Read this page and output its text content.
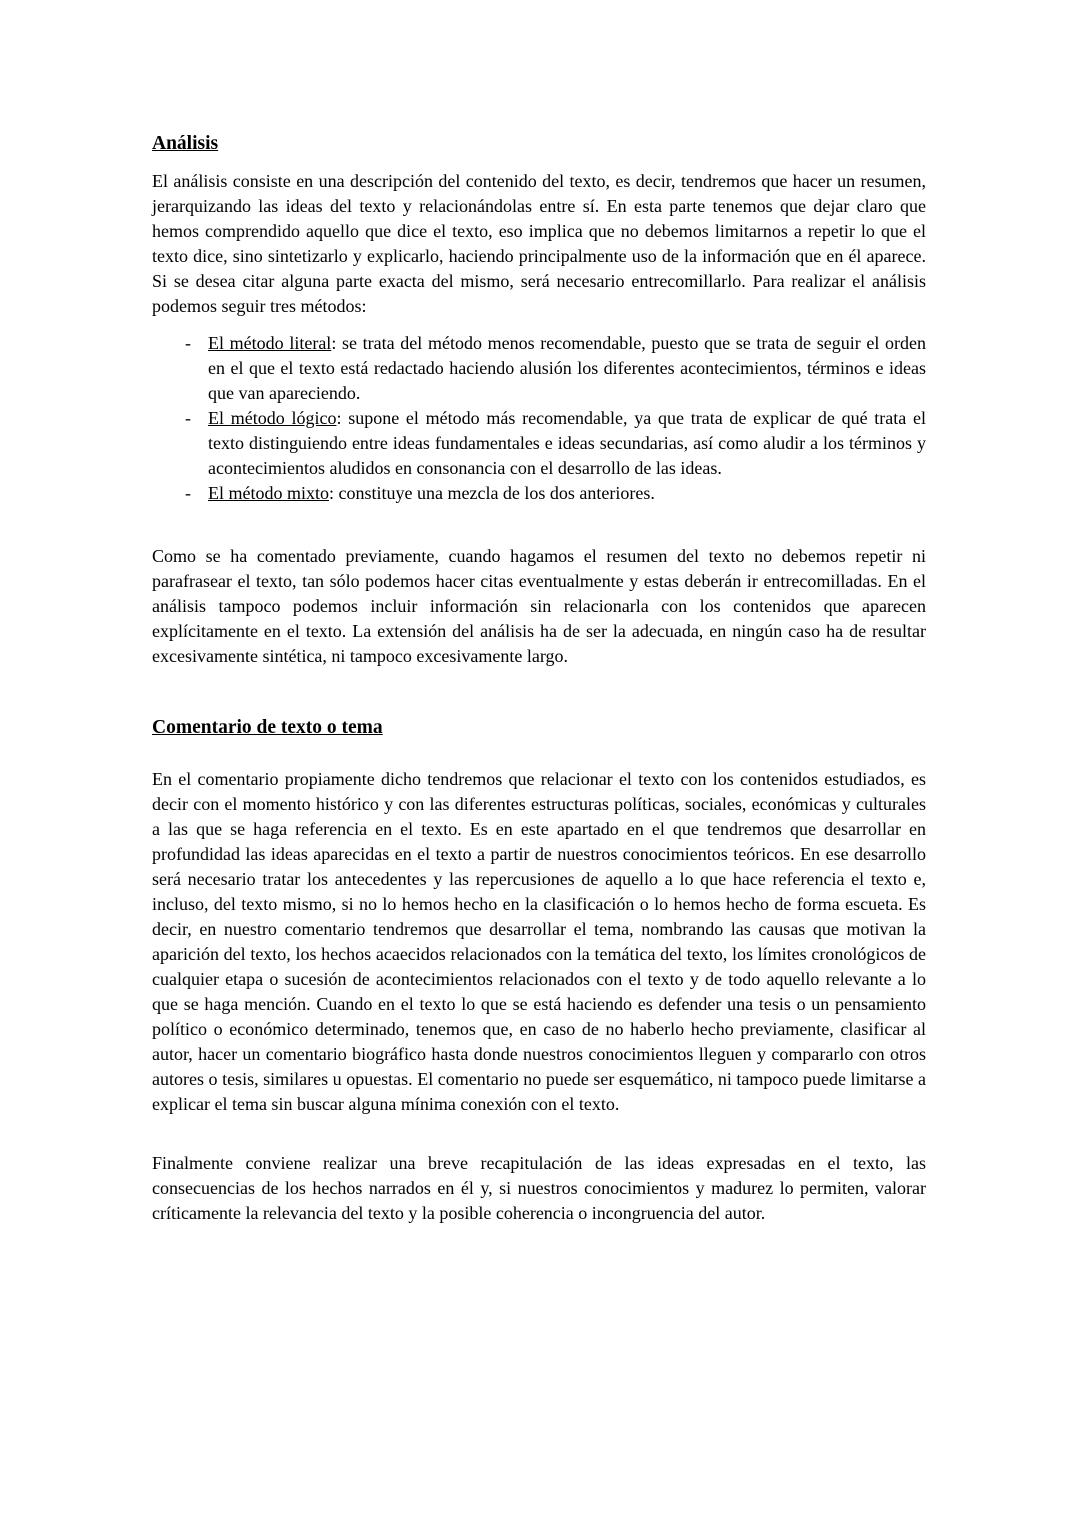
Análisis

El análisis consiste en una descripción del contenido del texto, es decir, tendremos que hacer un resumen, jerarquizando las ideas del texto y relacionándolas entre sí. En esta parte tenemos que dejar claro que hemos comprendido aquello que dice el texto, eso implica que no debemos limitarnos a repetir lo que el texto dice, sino sintetizarlo y explicarlo, haciendo principalmente uso de la información que en él aparece. Si se desea citar alguna parte exacta del mismo, será necesario entrecomillarlo. Para realizar el análisis podemos seguir tres métodos:

- El método literal: se trata del método menos recomendable, puesto que se trata de seguir el orden en el que el texto está redactado haciendo alusión los diferentes acontecimientos, términos e ideas que van apareciendo.
- El método lógico: supone el método más recomendable, ya que trata de explicar de qué trata el texto distinguiendo entre ideas fundamentales e ideas secundarias, así como aludir a los términos y acontecimientos aludidos en consonancia con el desarrollo de las ideas.
- El método mixto: constituye una mezcla de los dos anteriores.

Como se ha comentado previamente, cuando hagamos el resumen del texto no debemos repetir ni parafrasear el texto, tan sólo podemos hacer citas eventualmente y estas deberán ir entrecomilladas. En el análisis tampoco podemos incluir información sin relacionarla con los contenidos que aparecen explícitamente en el texto. La extensión del análisis ha de ser la adecuada, en ningún caso ha de resultar excesivamente sintética, ni tampoco excesivamente largo.

Comentario de texto o tema

En el comentario propiamente dicho tendremos que relacionar el texto con los contenidos estudiados, es decir con el momento histórico y con las diferentes estructuras políticas, sociales, económicas y culturales a las que se haga referencia en el texto. Es en este apartado en el que tendremos que desarrollar en profundidad las ideas aparecidas en el texto a partir de nuestros conocimientos teóricos. En ese desarrollo será necesario tratar los antecedentes y las repercusiones de aquello a lo que hace referencia el texto e, incluso, del texto mismo, si no lo hemos hecho en la clasificación o lo hemos hecho de forma escueta. Es decir, en nuestro comentario tendremos que desarrollar el tema, nombrando las causas que motivan la aparición del texto, los hechos acaecidos relacionados con la temática del texto, los límites cronológicos de cualquier etapa o sucesión de acontecimientos relacionados con el texto y de todo aquello relevante a lo que se haga mención. Cuando en el texto lo que se está haciendo es defender una tesis o un pensamiento político o económico determinado, tenemos que, en caso de no haberlo hecho previamente, clasificar al autor, hacer un comentario biográfico hasta donde nuestros conocimientos lleguen y compararlo con otros autores o tesis, similares u opuestas. El comentario no puede ser esquemático, ni tampoco puede limitarse a explicar el tema sin buscar alguna mínima conexión con el texto.

Finalmente conviene realizar una breve recapitulación de las ideas expresadas en el texto, las consecuencias de los hechos narrados en él y, si nuestros conocimientos y madurez lo permiten, valorar críticamente la relevancia del texto y la posible coherencia o incongruencia del autor.
